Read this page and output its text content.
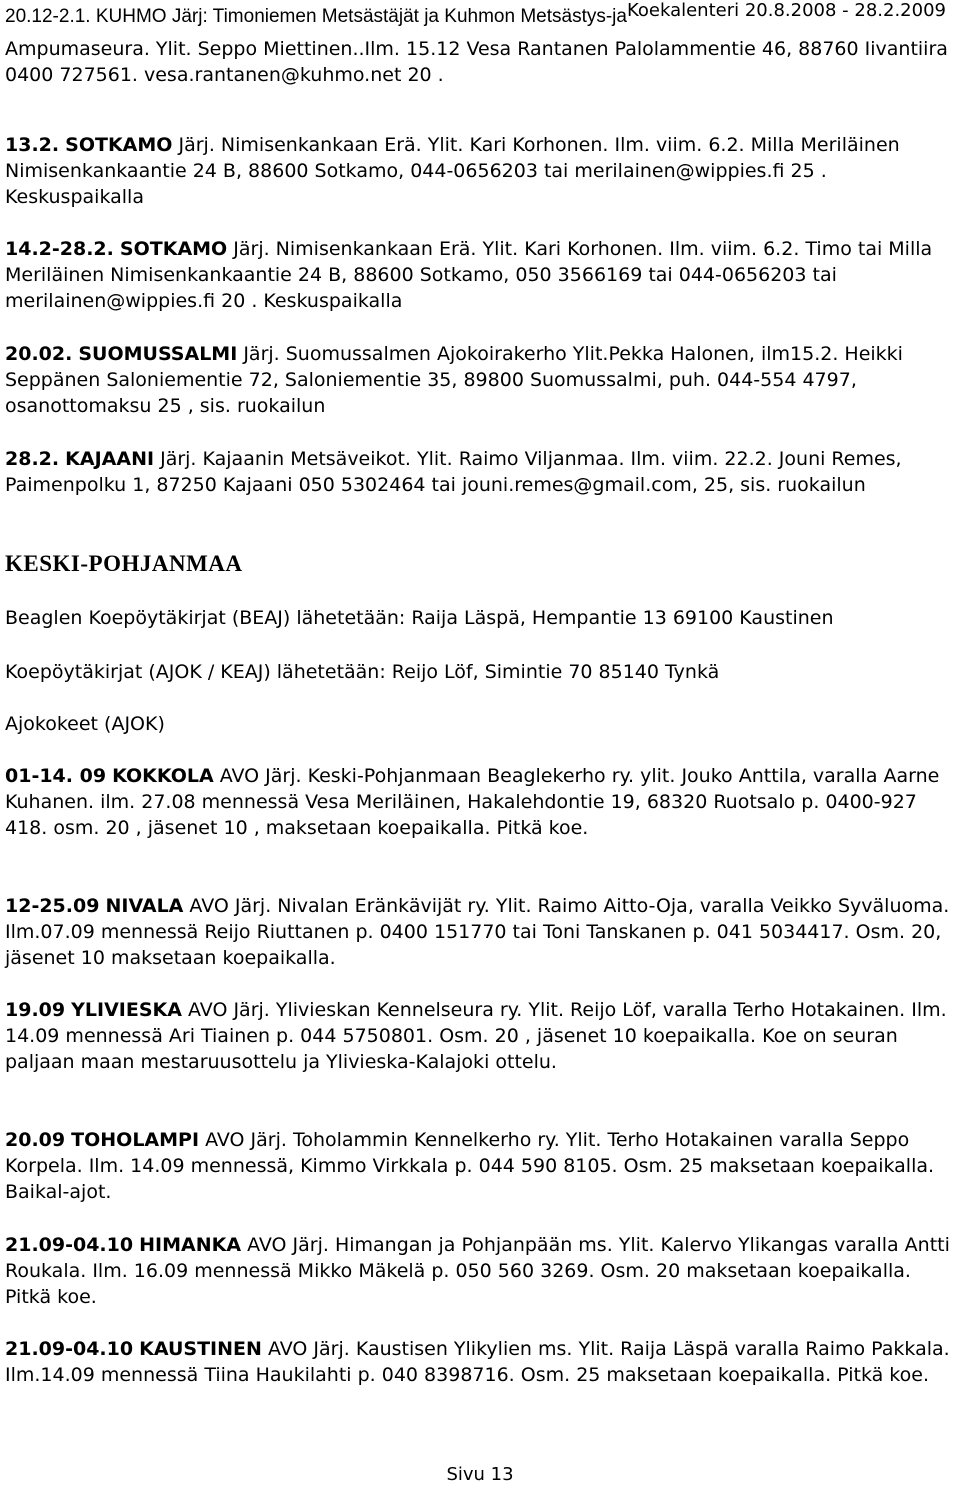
Koekalenteri 20.8.2008 - 28.2.2009

20.12-2.1. KUHMO Järj: Timoniemen Metsästäjät ja Kuhmon Metsästys-ja

Ampumaseura. Ylit. Seppo Miettinen..Ilm. 15.12 Vesa Rantanen Palolammentie 46, 88760 Iivantiira 0400 727561. vesa.rantanen@kuhmo.net 20 .

13.2. SOTKAMO Järj. Nimisenkankaan Erä. Ylit. Kari Korhonen. Ilm. viim. 6.2. Milla Meriläinen Nimisenkankaantie 24 B, 88600 Sotkamo, 044-0656203 tai merilainen@wippies.fi 25 . Keskuspaikalla

14.2-28.2. SOTKAMO Järj. Nimisenkankaan Erä. Ylit. Kari Korhonen. Ilm. viim. 6.2. Timo tai Milla Meriläinen Nimisenkankaantie 24 B, 88600 Sotkamo, 050 3566169 tai 044-0656203 tai merilainen@wippies.fi 20 . Keskuspaikalla

20.02. SUOMUSSALMI Järj. Suomussalmen Ajokoirakerho Ylit.Pekka Halonen, ilm15.2. Heikki Seppänen Saloniementie 72, Saloniementie 35, 89800 Suomussalmi, puh. 044-554 4797, osanottomaksu 25 , sis. ruokailun

28.2. KAJAANI Järj. Kajaanin Metsäveikot. Ylit. Raimo Viljanmaa. Ilm. viim. 22.2. Jouni Remes, Paimenpolku 1, 87250 Kajaani 050 5302464 tai jouni.remes@gmail.com, 25, sis. ruokailun

KESKI-POHJANMAA

Beaglen Koepöytäkirjat (BEAJ) lähetetään: Raija Läspä, Hempantie 13 69100 Kaustinen

Koepöytäkirjat (AJOK / KEAJ) lähetetään: Reijo Löf, Simintie 70 85140 Tynkä

Ajokokeet (AJOK)

01-14. 09 KOKKOLA AVO Järj. Keski-Pohjanmaan Beaglekerho ry. ylit. Jouko Anttila, varalla Aarne Kuhanen. ilm. 27.08 mennessä Vesa Meriläinen, Hakalehdontie 19, 68320 Ruotsalo p. 0400-927 418. osm. 20 , jäsenet 10 , maksetaan koepaikalla. Pitkä koe.

12-25.09 NIVALA AVO Järj. Nivalan Eränkävijät ry. Ylit. Raimo Aitto-Oja, varalla Veikko Syväluoma. Ilm.07.09 mennessä Reijo Riuttanen p. 0400 151770 tai Toni Tanskanen p. 041 5034417. Osm. 20, jäsenet 10 maksetaan koepaikalla.

19.09 YLIVIESKA AVO Järj. Ylivieskan Kennelseura ry. Ylit. Reijo Löf, varalla Terho Hotakainen. Ilm. 14.09 mennessä Ari Tiainen p. 044 5750801. Osm. 20 , jäsenet 10 koepaikalla. Koe on seuran paljaan maan mestaruusottelu ja Ylivieska-Kalajoki ottelu.

20.09 TOHOLAMPI AVO Järj. Toholammin Kennelkerho ry. Ylit. Terho Hotakainen varalla Seppo Korpela. Ilm. 14.09 mennessä, Kimmo Virkkala p. 044 590 8105. Osm. 25 maksetaan koepaikalla. Baikal-ajot.

21.09-04.10 HIMANKA AVO Järj. Himangan ja Pohjanpään ms. Ylit. Kalervo Ylikangas varalla Antti Roukala. Ilm. 16.09 mennessä Mikko Mäkelä p. 050 560 3269. Osm. 20 maksetaan koepaikalla. Pitkä koe.

21.09-04.10 KAUSTINEN AVO Järj. Kaustisen Ylikylien ms. Ylit. Raija Läspä varalla Raimo Pakkala. Ilm.14.09 mennessä Tiina Haukilahti p. 040 8398716. Osm. 25 maksetaan koepaikalla. Pitkä koe.

Sivu 13
